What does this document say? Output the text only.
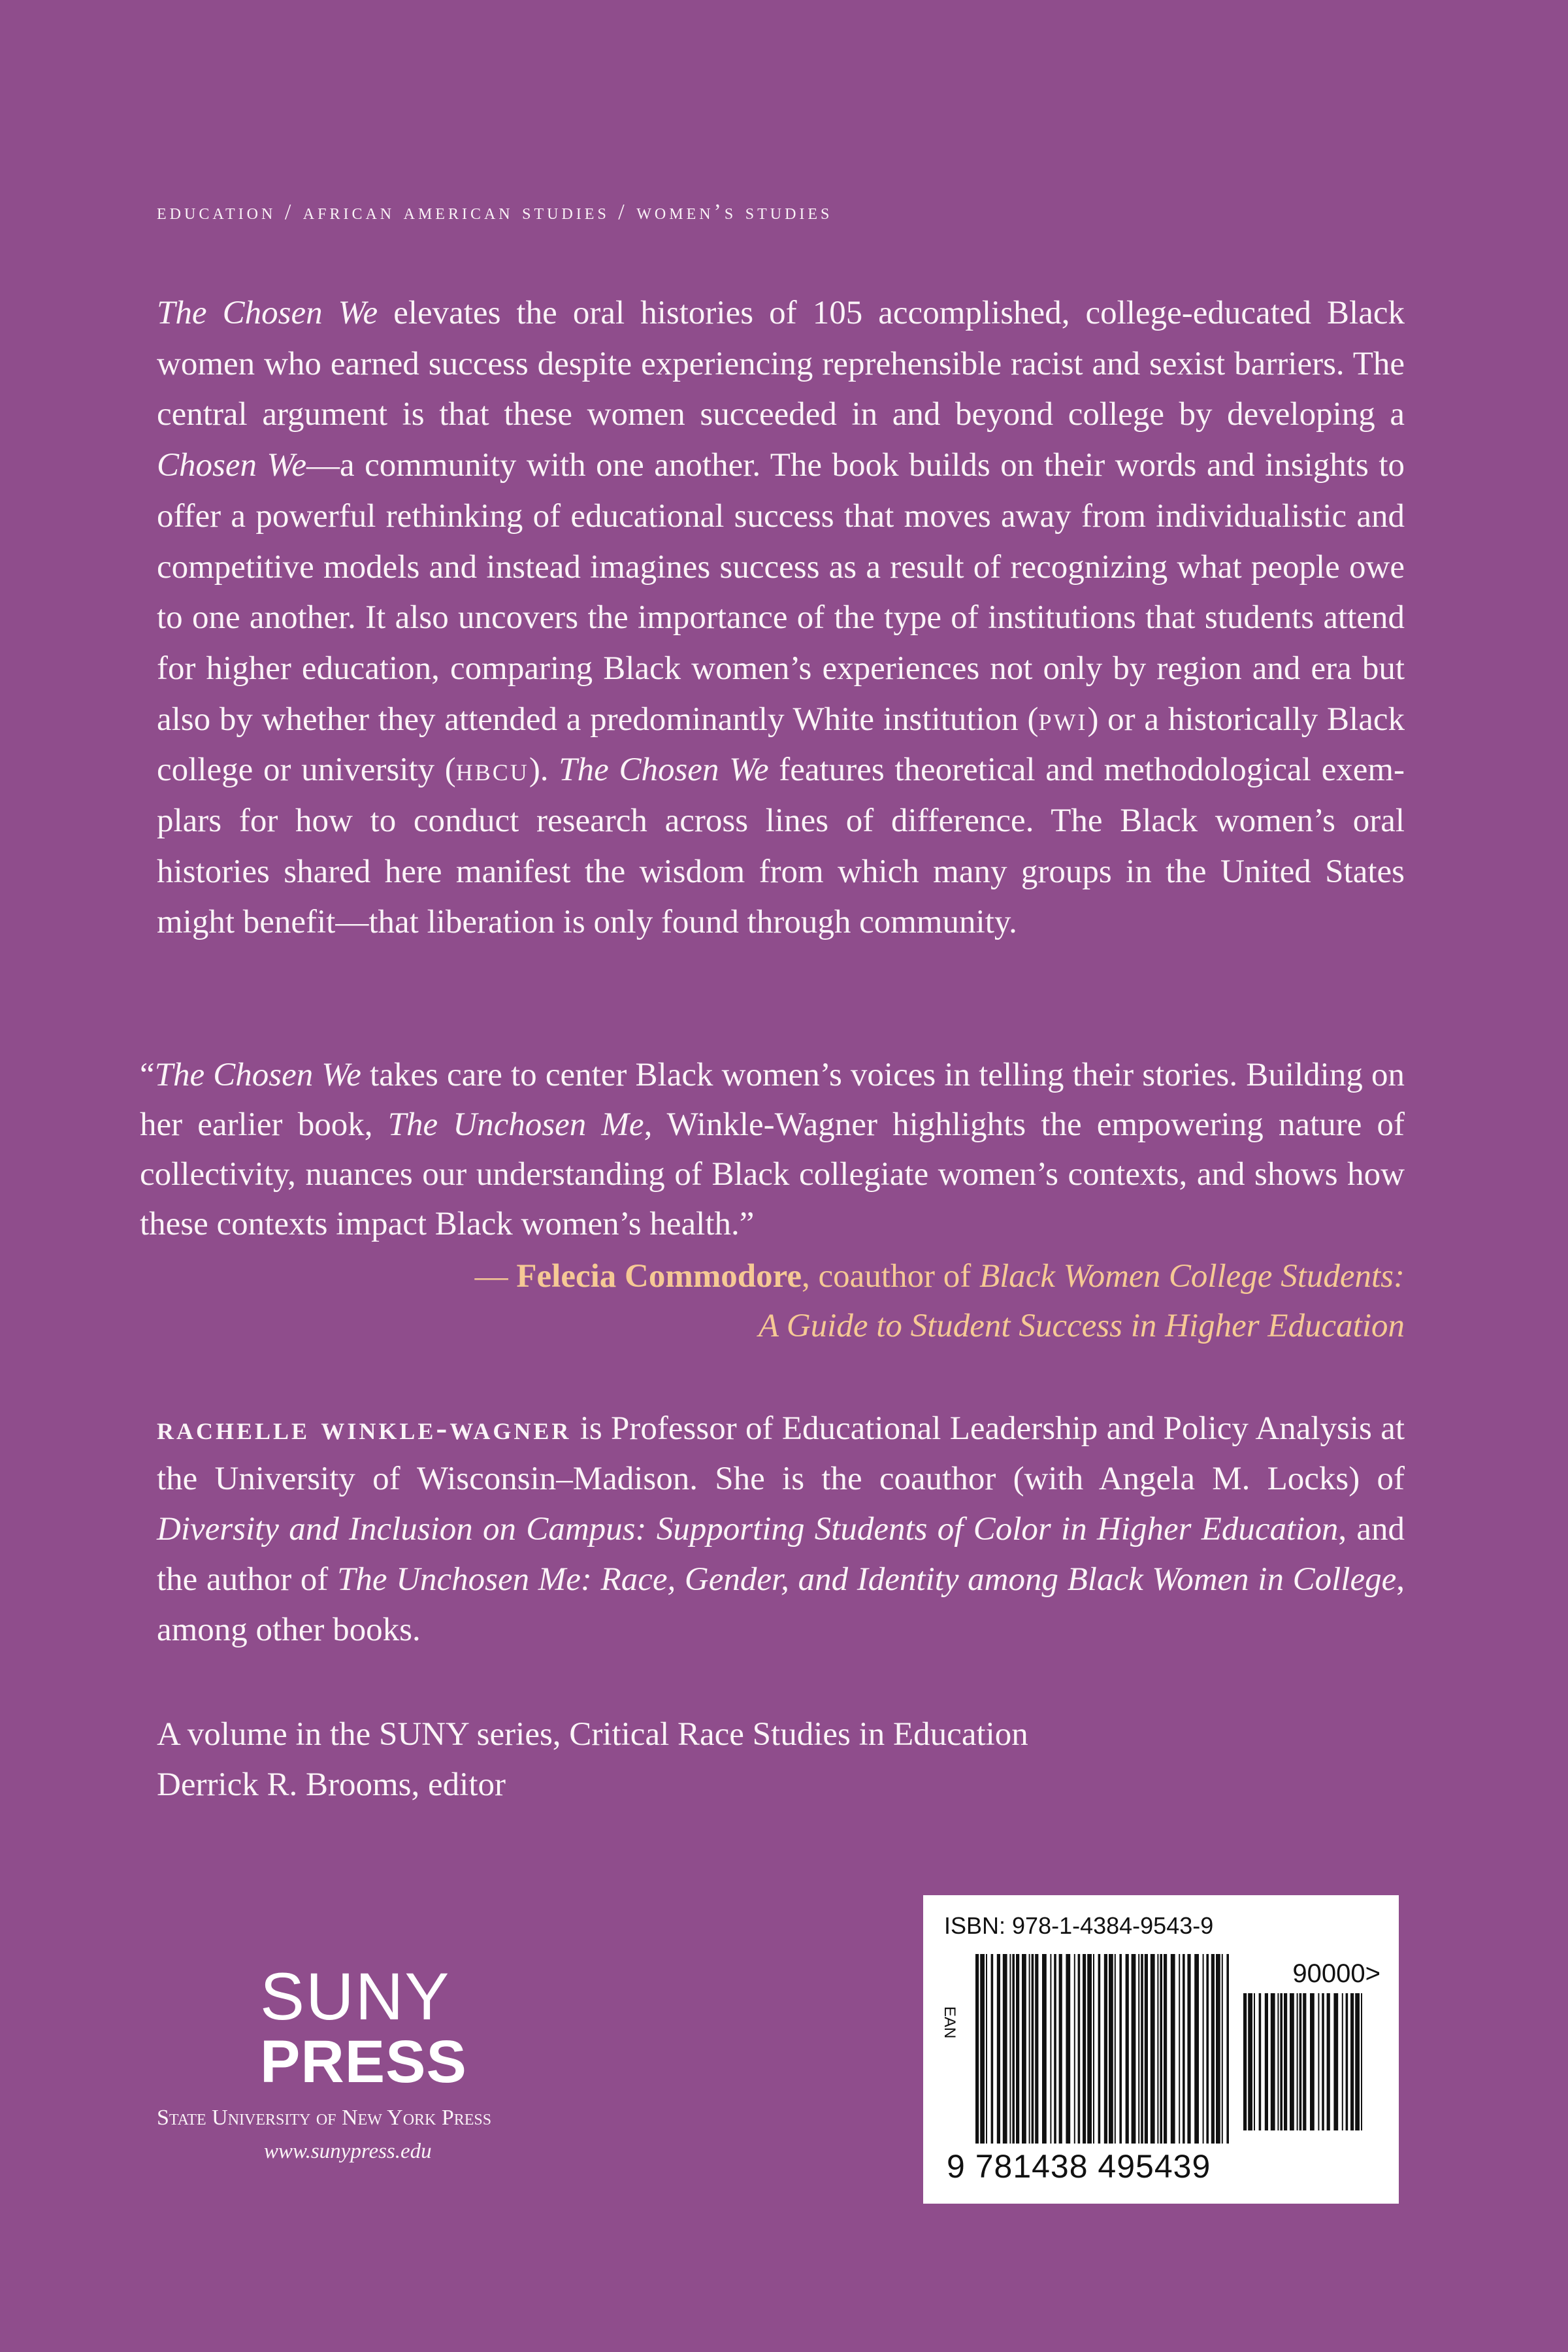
education / african american studies / women’s studies

The Chosen We elevates the oral histories of 105 accomplished, college-educated Black women who earned success despite experiencing reprehensible racist and sexist barriers. The central argument is that these women succeeded in and beyond college by developing a Chosen We—a community with one another. The book builds on their words and insights to offer a powerful rethinking of educational success that moves away from individualistic and competitive models and instead imagines success as a result of recognizing what people owe to one another. It also uncovers the importance of the type of institutions that students attend for higher education, comparing Black women’s experiences not only by region and era but also by whether they attended a predominantly White institution (pwi) or a historically Black college or university (hbcu). The Chosen We features theoretical and methodological exemplars for how to conduct research across lines of difference. The Black women’s oral histories shared here manifest the wisdom from which many groups in the United States might benefit—that liberation is only found through community.

“The Chosen We takes care to center Black women’s voices in telling their stories. Building on her earlier book, The Unchosen Me, Winkle-Wagner highlights the empowering nature of collectivity, nuances our understanding of Black collegiate women’s contexts, and shows how these contexts impact Black women’s health.”

— Felecia Commodore, coauthor of Black Women College Students:
A Guide to Student Success in Higher Education

rachelle winkle-wagner is Professor of Educational Leadership and Policy Analysis at the University of Wisconsin–Madison. She is the coauthor (with Angela M. Locks) of Diversity and Inclusion on Campus: Supporting Students of Color in Higher Education, and the author of The Unchosen Me: Race, Gender, and Identity among Black Women in College, among other books.

A volume in the SUNY series, Critical Race Studies in Education
Derrick R. Brooms, editor
SUNY
PRESS
State University of New York Press
www.sunypress.edu
ISBN: 978-1-4384-9543-9
90000>
EAN
9 781438 495439
